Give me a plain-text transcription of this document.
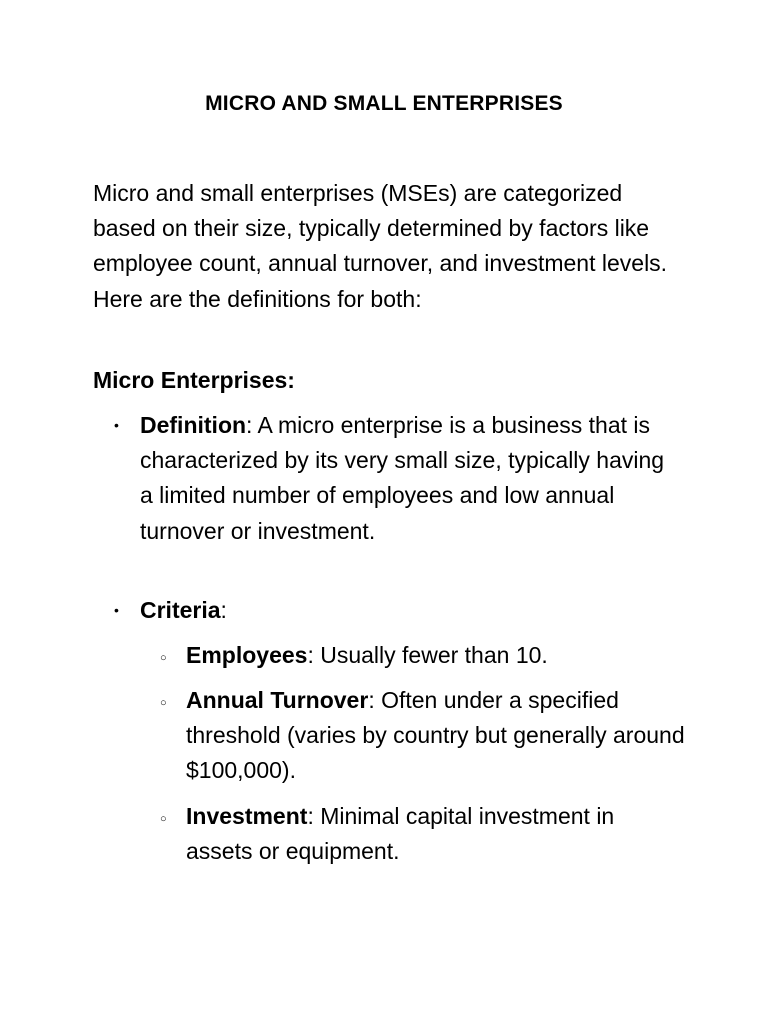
MICRO AND SMALL ENTERPRISES

Micro and small enterprises (MSEs) are categorized based on their size, typically determined by factors like employee count, annual turnover, and investment levels. Here are the definitions for both:

Micro Enterprises:
• Definition: A micro enterprise is a business that is characterized by its very small size, typically having a limited number of employees and low annual turnover or investment.
• Criteria:
○ Employees: Usually fewer than 10.
○ Annual Turnover: Often under a specified threshold (varies by country but generally around $100,000).
○ Investment: Minimal capital investment in assets or equipment.
